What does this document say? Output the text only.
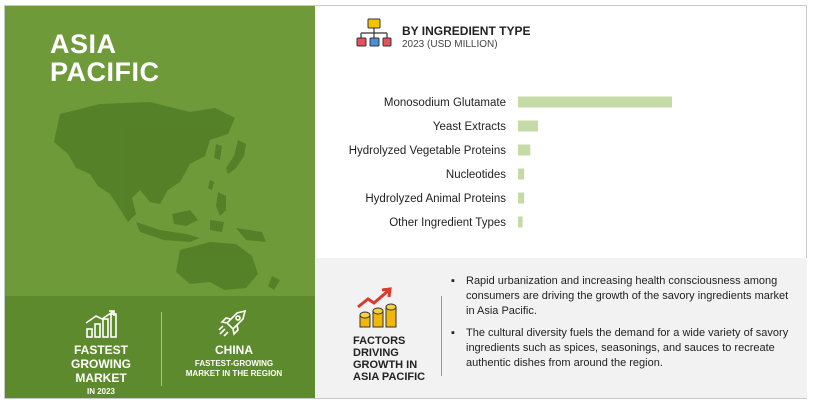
ASIA
PACIFIC
FASTEST GROWING
MARKET
IN 2023
CHINA
FASTEST-GROWING
MARKET IN THE REGION

BY INGREDIENT TYPE

2023 (USD MILLION)

Monosodium Glutamate
Yeast Extracts
Hydrolyzed Vegetable Proteins
Nucleotides
Hydrolyzed Animal Proteins
Other Ingredient Types

FACTORS DRIVING
GROWTH IN
ASIA PACIFIC

▪ Rapid urbanization and increasing health consciousness among consumers are driving the growth of the savory ingredients market in Asia Pacific.
▪ The cultural diversity fuels the demand for a wide variety of savory ingredients such as spices, seasonings, and sauces to recreate authentic dishes from around the region.
